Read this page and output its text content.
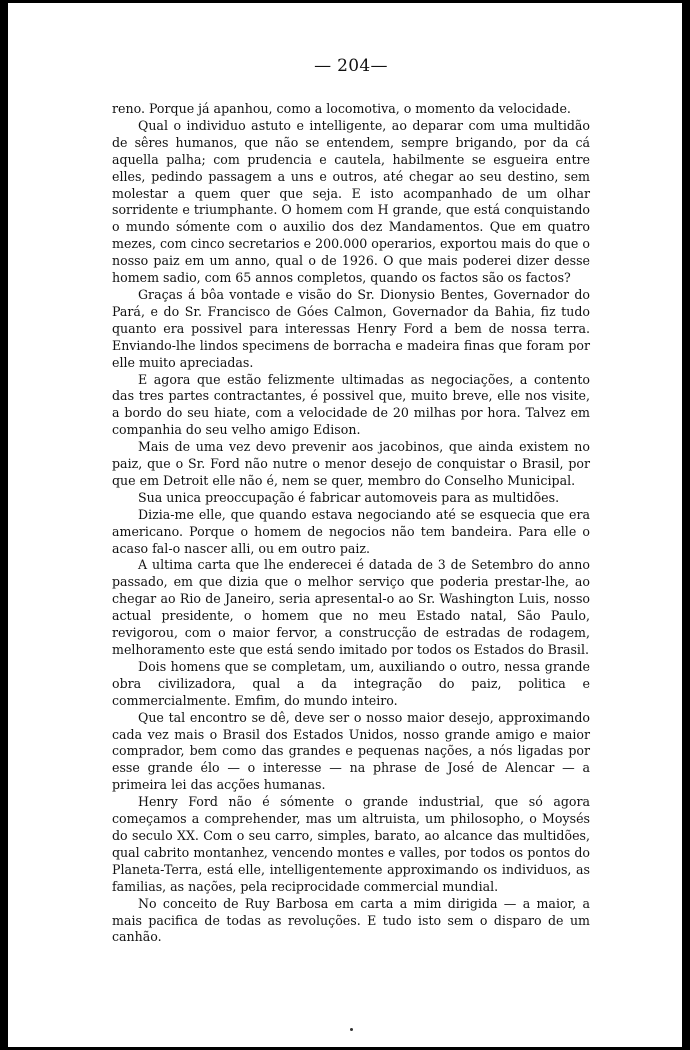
— 204—

reno. Porque já apanhou, como a locomotiva, o momento da velocidade.

Qual o individuo astuto e intelligente, ao deparar com uma multidão de sêres humanos, que não se entendem, sempre brigando, por da cá aquella palha; com prudencia e cautela, habilmente se esgueira entre elles, pedindo passagem a uns e outros, até chegar ao seu destino, sem molestar a quem quer que seja. E isto acompanhado de um olhar sorridente e triumphante. O homem com H grande, que está conquistando o mundo sómente com o auxilio dos dez Mandamentos. Que em quatro mezes, com cinco secretarios e 200.000 operarios, exportou mais do que o nosso paiz em um anno, qual o de 1926. O que mais poderei dizer desse homem sadio, com 65 annos completos, quando os factos são os factos?

Graças á bôa vontade e visão do Sr. Dionysio Bentes, Governador do Pará, e do Sr. Francisco de Góes Calmon, Governador da Bahia, fiz tudo quanto era possivel para interessas Henry Ford a bem de nossa terra. Enviando-lhe lindos specimens de borracha e madeira finas que foram por elle muito apreciadas.

E agora que estão felizmente ultimadas as negociações, a contento das tres partes contractantes, é possivel que, muito breve, elle nos visite, a bordo do seu hiate, com a velocidade de 20 milhas por hora. Talvez em companhia do seu velho amigo Edison.

Mais de uma vez devo prevenir aos jacobinos, que ainda existem no paiz, que o Sr. Ford não nutre o menor desejo de conquistar o Brasil, por que em Detroit elle não é, nem se quer, membro do Conselho Municipal.

Sua unica preoccupação é fabricar automoveis para as multidões.

Dizia-me elle, que quando estava negociando até se esquecia que era americano. Porque o homem de negocios não tem bandeira. Para elle o acaso fal-o nascer alli, ou em outro paiz.

A ultima carta que lhe enderecei é datada de 3 de Setembro do anno passado, em que dizia que o melhor serviço que poderia prestar-lhe, ao chegar ao Rio de Janeiro, seria apresental-o ao Sr. Washington Luis, nosso actual presidente, o homem que no meu Estado natal, São Paulo, revigorou, com o maior fervor, a construcção de estradas de rodagem, melhoramento este que está sendo imitado por todos os Estados do Brasil.

Dois homens que se completam, um, auxiliando o outro, nessa grande obra civilizadora, qual a da integração do paiz, politica e commercialmente. Emfim, do mundo inteiro.

Que tal encontro se dê, deve ser o nosso maior desejo, approximando cada vez mais o Brasil dos Estados Unidos, nosso grande amigo e maior comprador, bem como das grandes e pequenas nações, a nós ligadas por esse grande élo — o interesse — na phrase de José de Alencar — a primeira lei das acções humanas.

Henry Ford não é sómente o grande industrial, que só agora começamos a comprehender, mas um altruista, um philosopho, o Moysés do seculo XX. Com o seu carro, simples, barato, ao alcance das multidões, qual cabrito montanhez, vencendo montes e valles, por todos os pontos do Planeta-Terra, está elle, intelligentemente approximando os individuos, as familias, as nações, pela reciprocidade commercial mundial.

No conceito de Ruy Barbosa em carta a mim dirigida — a maior, a mais pacifica de todas as revoluções. E tudo isto sem o disparo de um canhão.
